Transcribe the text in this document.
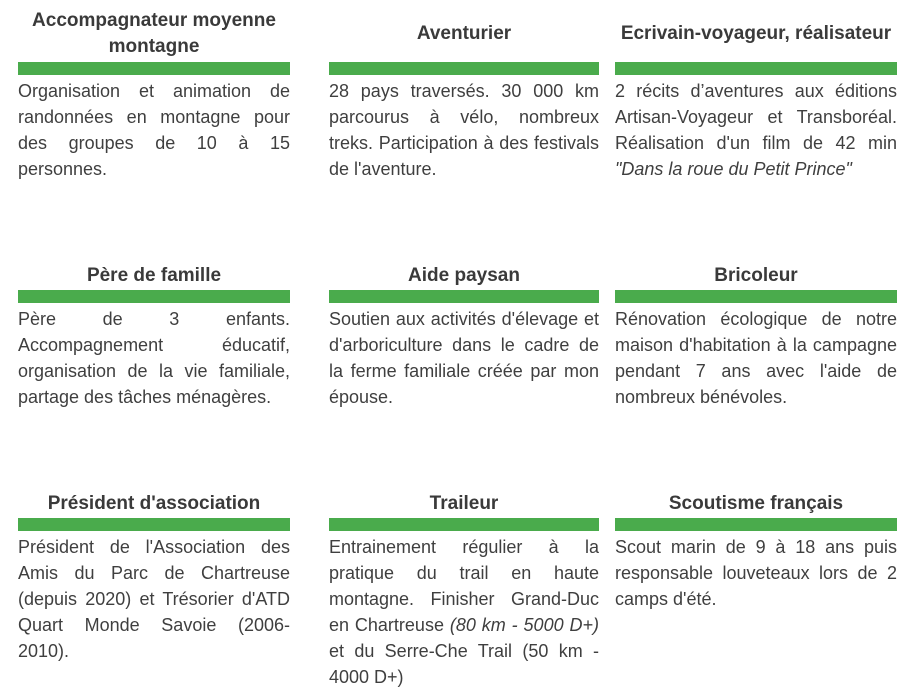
Accompagnateur moyenne montagne

Organisation et animation de randonnées en montagne pour des groupes de 10 à 15 personnes.

Aventurier

28 pays traversés. 30 000 km parcourus à vélo, nombreux treks. Participation à des festivals de l'aventure.

Ecrivain-voyageur, réalisateur

2 récits d’aventures aux éditions Artisan-Voyageur et Transboréal. Réalisation d'un film de 42 min "Dans la roue du Petit Prince"

Père de famille

Père de 3 enfants. Accompagnement éducatif, organisation de la vie familiale, partage des tâches ménagères.

Aide paysan

Soutien aux activités d'élevage et d'arboriculture dans le cadre de la ferme familiale créée par mon épouse.

Bricoleur

Rénovation écologique de notre maison d'habitation à la campagne pendant 7 ans avec l'aide de nombreux bénévoles.

Président d'association

Président de l'Association des Amis du Parc de Chartreuse (depuis 2020) et Trésorier d'ATD Quart Monde Savoie (2006-2010).

Traileur

Entrainement régulier à la pratique du trail en haute montagne. Finisher Grand-Duc en Chartreuse (80 km - 5000 D+) et du Serre-Che Trail (50 km - 4000 D+)

Scoutisme français

Scout marin de 9 à 18 ans puis responsable louveteaux lors de 2 camps d'été.
